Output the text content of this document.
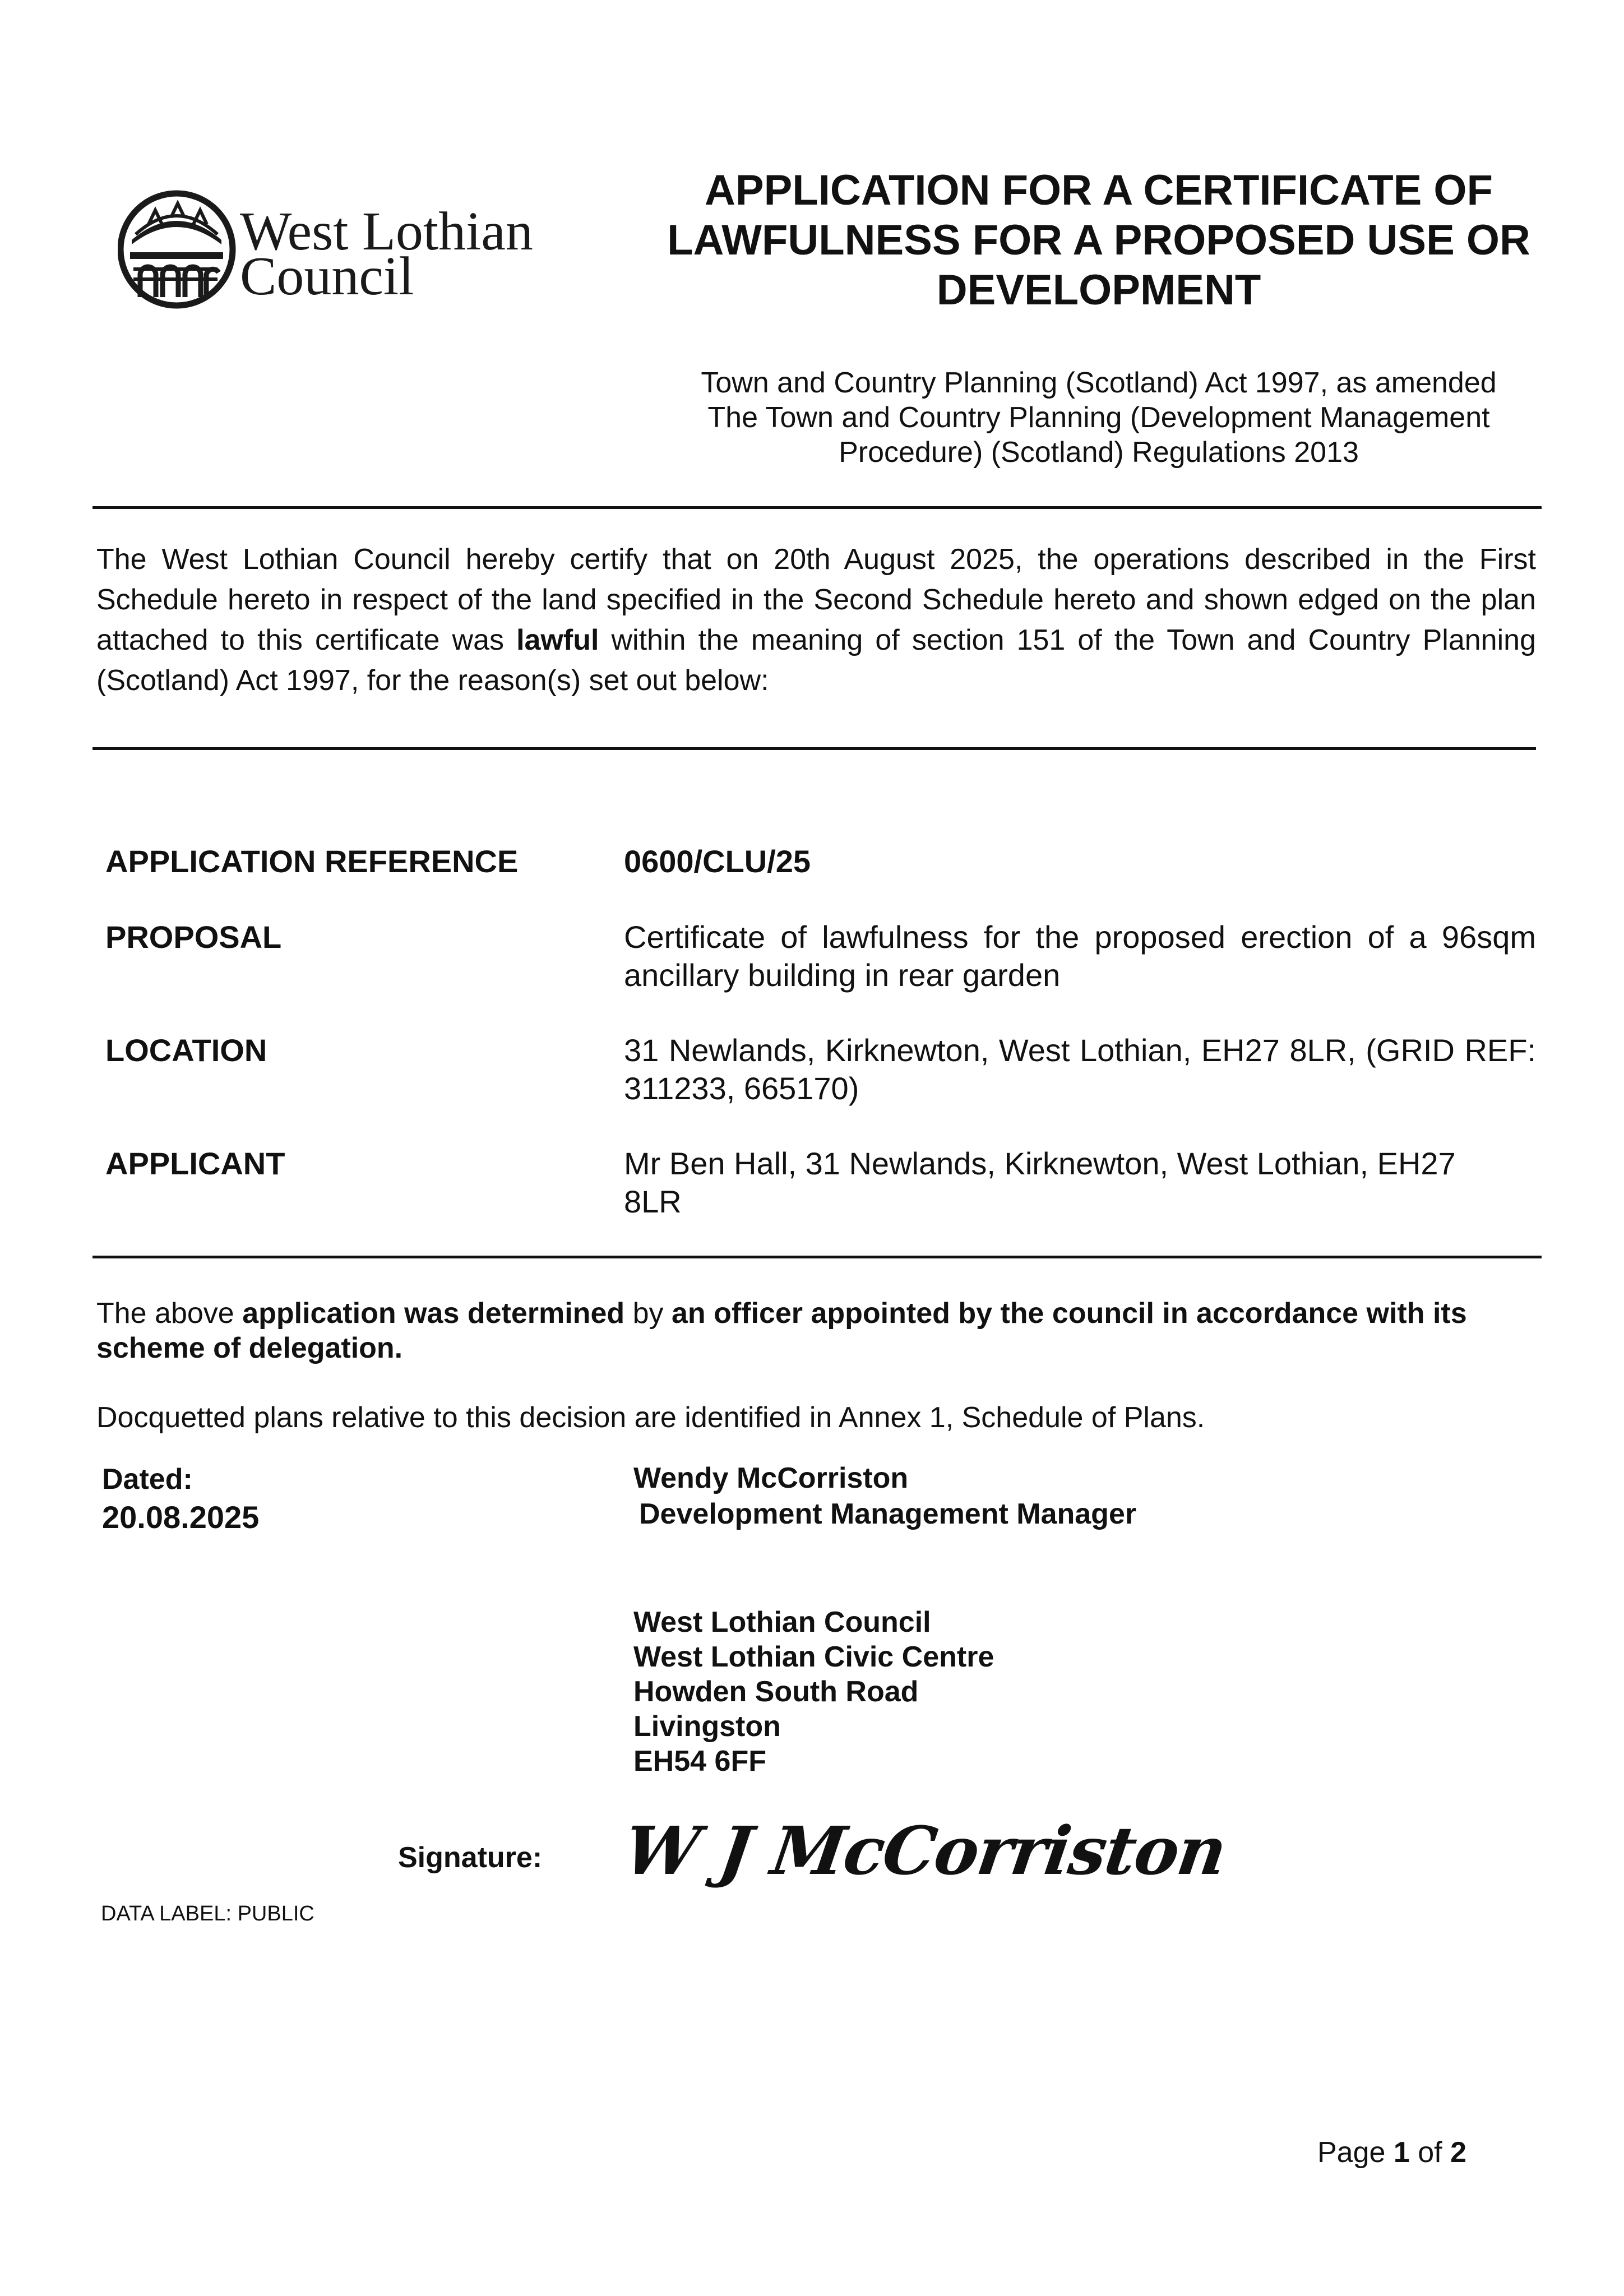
West Lothian
Council
APPLICATION FOR A CERTIFICATE OF
LAWFULNESS FOR A PROPOSED USE OR
DEVELOPMENT
Town and Country Planning (Scotland) Act 1997, as amended
The Town and Country Planning (Development Management
Procedure) (Scotland) Regulations 2013
The West Lothian Council hereby certify that on 20th August 2025, the operations described in the First Schedule hereto in respect of the land specified in the Second Schedule hereto and shown edged on the plan attached to this certificate was lawful within the meaning of section 151 of the Town and Country Planning (Scotland) Act 1997, for the reason(s) set out below:
APPLICATION REFERENCE	0600/CLU/25
PROPOSAL	Certificate of lawfulness for the proposed erection of a 96sqm ancillary building in rear garden
LOCATION	31 Newlands, Kirknewton, West Lothian, EH27 8LR, (GRID REF: 311233, 665170)
APPLICANT	Mr Ben Hall, 31 Newlands, Kirknewton, West Lothian, EH27 8LR
The above application was determined by an officer appointed by the council in accordance with its scheme of delegation.
Docquetted plans relative to this decision are identified in Annex 1, Schedule of Plans.
Dated:
20.08.2025
Wendy McCorriston
Development Management Manager
West Lothian Council
West Lothian Civic Centre
Howden South Road
Livingston
EH54 6FF
Signature: W J McCorriston
DATA LABEL: PUBLIC
Page 1 of 2
